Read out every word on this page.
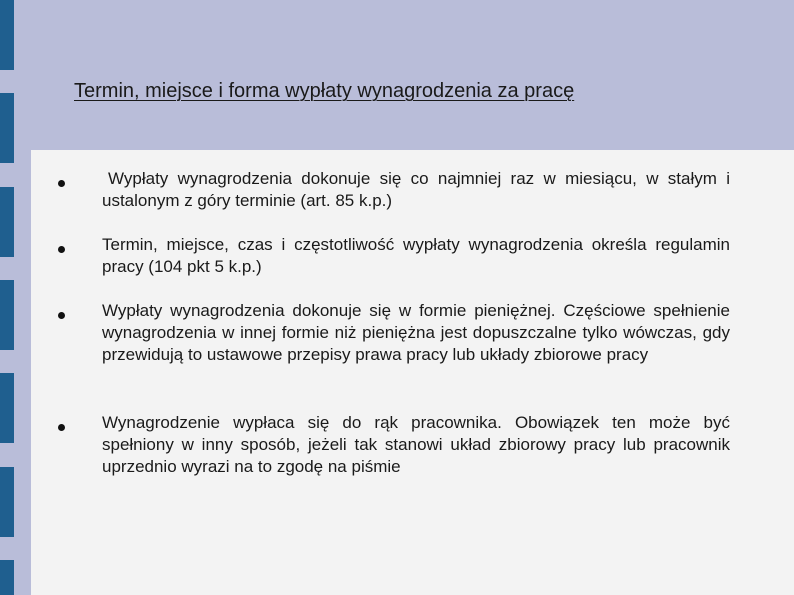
Termin, miejsce i forma wypłaty wynagrodzenia za pracę
Wypłaty wynagrodzenia dokonuje się co najmniej raz w miesiącu, w stałym i ustalonym z góry terminie (art. 85 k.p.)
Termin, miejsce, czas i częstotliwość wypłaty wynagrodzenia określa regulamin pracy (104 pkt 5 k.p.)
Wypłaty wynagrodzenia dokonuje się w formie pieniężnej. Częściowe spełnienie wynagrodzenia w innej formie niż pieniężna jest dopuszczalne tylko wówczas, gdy przewidują to ustawowe przepisy prawa pracy lub układy zbiorowe pracy
Wynagrodzenie wypłaca się do rąk pracownika. Obowiązek ten może być spełniony w inny sposób, jeżeli tak stanowi układ zbiorowy pracy lub pracownik uprzednio wyrazi na to zgodę na piśmie
